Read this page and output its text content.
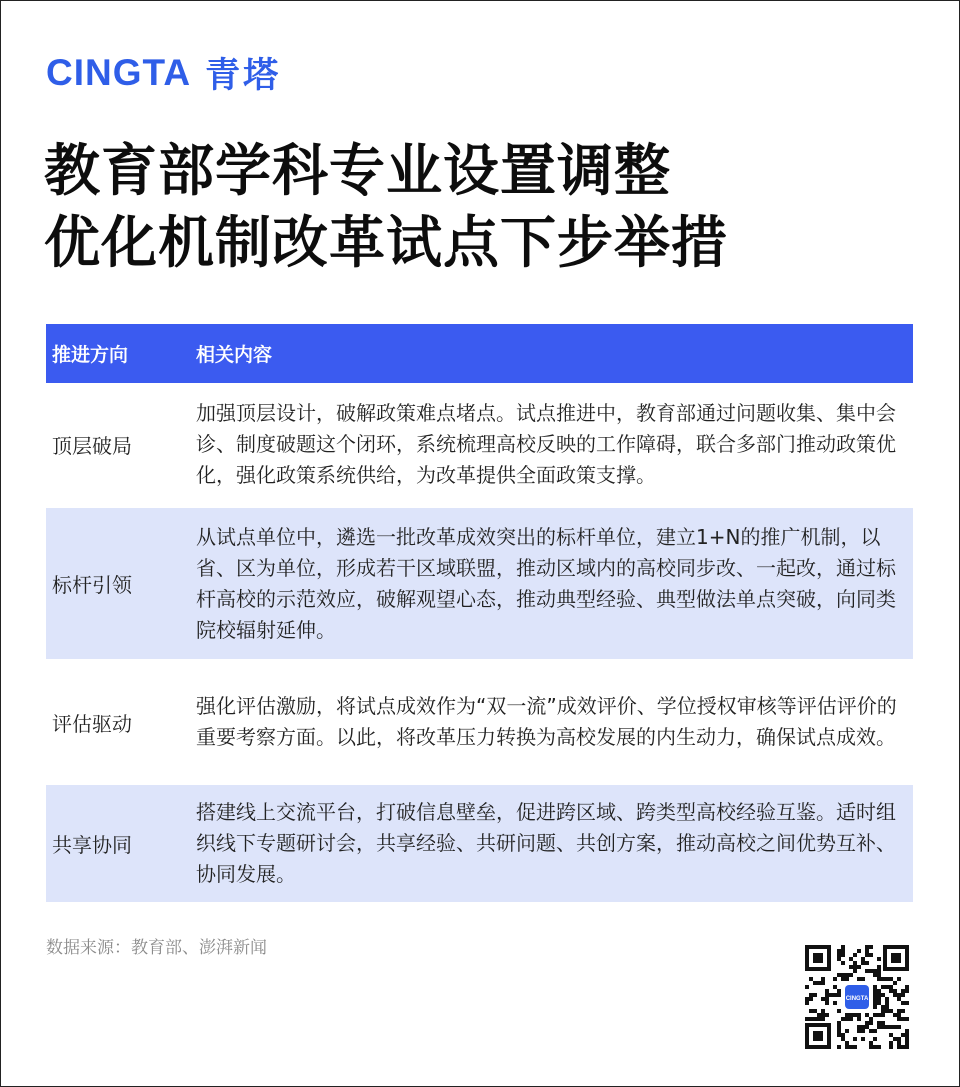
CINGTA 青塔
教育部学科专业设置调整
优化机制改革试点下步举措
推进方向	相关内容
顶层破局
加强顶层设计，破解政策难点堵点。试点推进中，教育部通过问题收集、集中会诊、制度破题这个闭环，系统梳理高校反映的工作障碍，联合多部门推动政策优化，强化政策系统供给，为改革提供全面政策支撑。
标杆引领
从试点单位中，遴选一批改革成效突出的标杆单位，建立1+N的推广机制，以省、区为单位，形成若干区域联盟，推动区域内的高校同步改、一起改，通过标杆高校的示范效应，破解观望心态，推动典型经验、典型做法单点突破，向同类院校辐射延伸。
评估驱动
强化评估激励，将试点成效作为“双一流”成效评价、学位授权审核等评估评价的重要考察方面。以此，将改革压力转换为高校发展的内生动力，确保试点成效。
共享协同
搭建线上交流平台，打破信息壁垒，促进跨区域、跨类型高校经验互鉴。适时组织线下专题研讨会，共享经验、共研问题、共创方案，推动高校之间优势互补、协同发展。
数据来源：教育部、澎湃新闻
CINGTA
